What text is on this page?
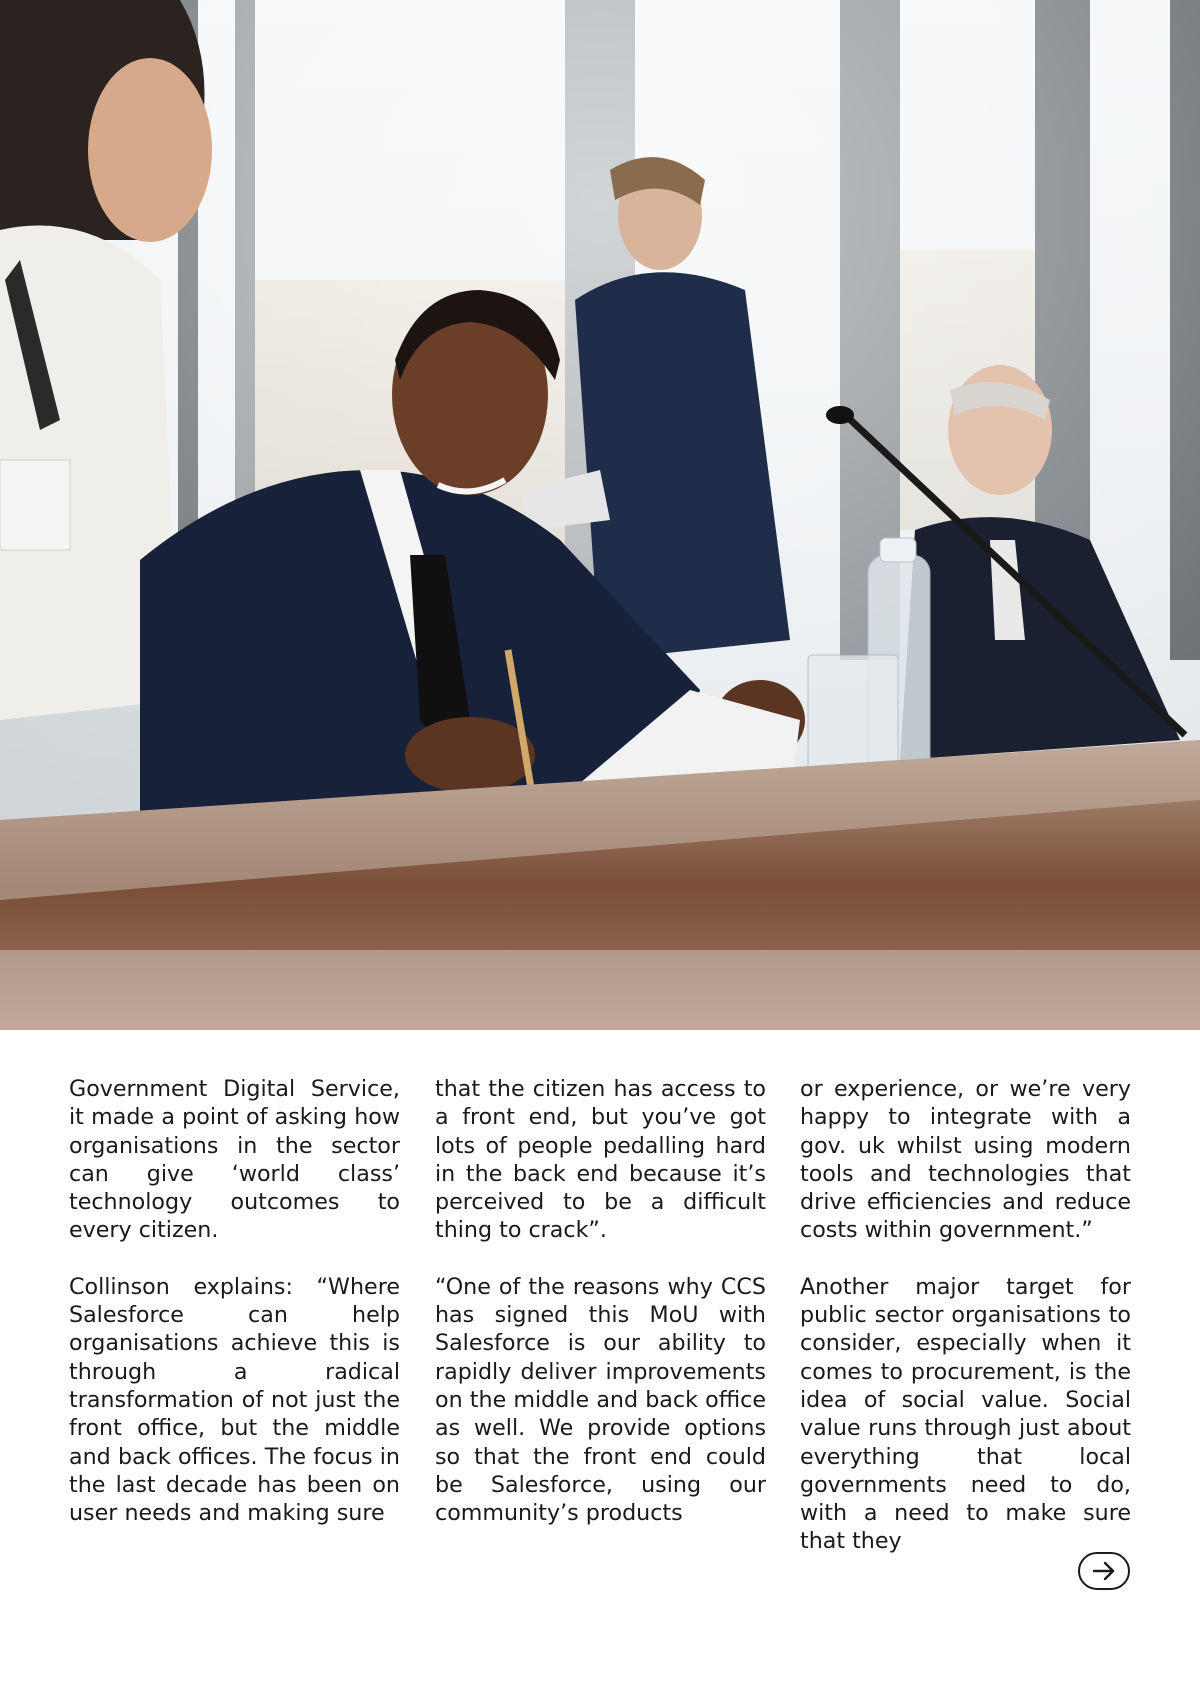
Government Digital Service, it made a point of asking how organisations in the sector can give ‘world class’ technology outcomes to every citizen.

Collinson explains: “Where Salesforce can help organisations achieve this is through a radical transformation of not just the front office, but the middle and back offices. The focus in the last decade has been on user needs and making sure

that the citizen has access to a front end, but you’ve got lots of people pedalling hard in the back end because it’s perceived to be a difficult thing to crack”.

“One of the reasons why CCS has signed this MoU with Salesforce is our ability to rapidly deliver improvements on the middle and back office as well. We provide options so that the front end could be Salesforce, using our community’s products

or experience, or we’re very happy to integrate with a gov. uk whilst using modern tools and technologies that drive efficiencies and reduce costs within government.”

Another major target for public sector organisations to consider, especially when it comes to procurement, is the idea of social value. Social value runs through just about everything that local governments need to do, with a need to make sure that they
